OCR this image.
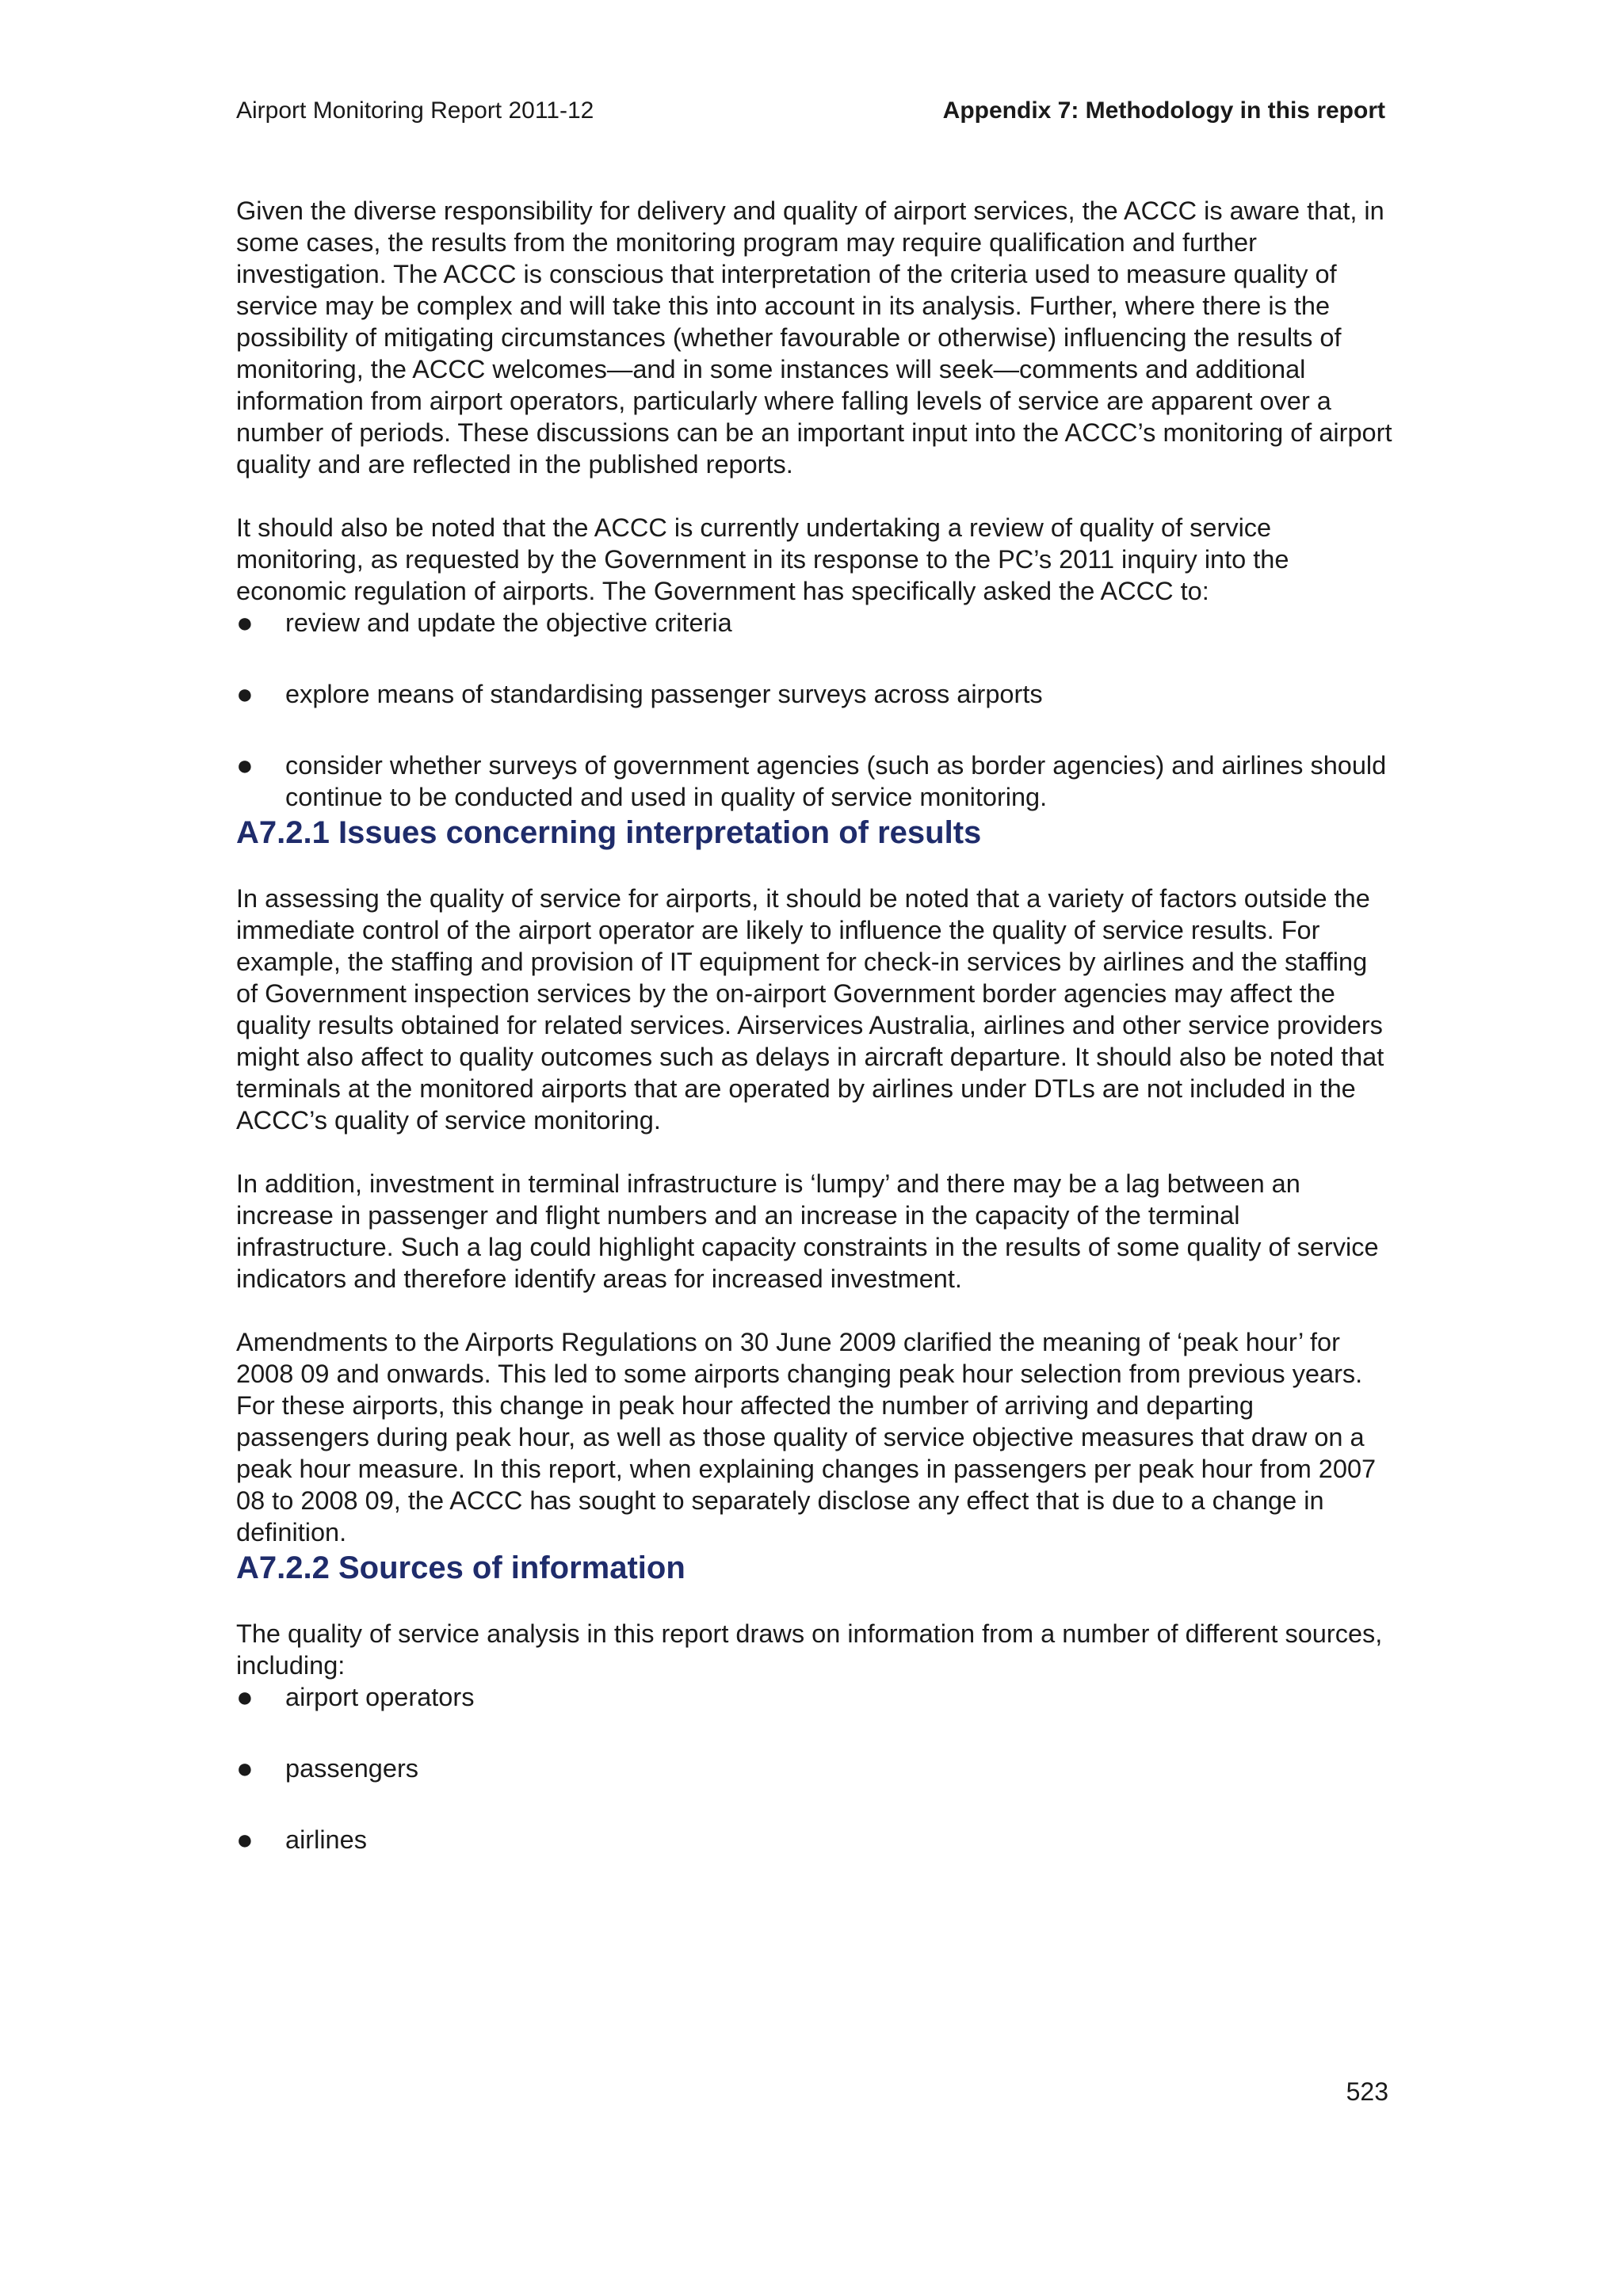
Airport Monitoring Report 2011-12	Appendix 7: Methodology in this report

Given the diverse responsibility for delivery and quality of airport services, the ACCC is aware that, in some cases, the results from the monitoring program may require qualification and further investigation. The ACCC is conscious that interpretation of the criteria used to measure quality of service may be complex and will take this into account in its analysis. Further, where there is the possibility of mitigating circumstances (whether favourable or otherwise) influencing the results of monitoring, the ACCC welcomes—and in some instances will seek—comments and additional information from airport operators, particularly where falling levels of service are apparent over a number of periods. These discussions can be an important input into the ACCC’s monitoring of airport quality and are reflected in the published reports.

It should also be noted that the ACCC is currently undertaking a review of quality of service monitoring, as requested by the Government in its response to the PC’s 2011 inquiry into the economic regulation of airports. The Government has specifically asked the ACCC to:

● review and update the objective criteria
● explore means of standardising passenger surveys across airports
● consider whether surveys of government agencies (such as border agencies) and airlines should continue to be conducted and used in quality of service monitoring.
A7.2.1 Issues concerning interpretation of results

In assessing the quality of service for airports, it should be noted that a variety of factors outside the immediate control of the airport operator are likely to influence the quality of service results. For example, the staffing and provision of IT equipment for check-in services by airlines and the staffing of Government inspection services by the on-airport Government border agencies may affect the quality results obtained for related services. Airservices Australia, airlines and other service providers might also affect to quality outcomes such as delays in aircraft departure. It should also be noted that terminals at the monitored airports that are operated by airlines under DTLs are not included in the ACCC’s quality of service monitoring.

In addition, investment in terminal infrastructure is ‘lumpy’ and there may be a lag between an increase in passenger and flight numbers and an increase in the capacity of the terminal infrastructure. Such a lag could highlight capacity constraints in the results of some quality of service indicators and therefore identify areas for increased investment.

Amendments to the Airports Regulations on 30 June 2009 clarified the meaning of ‘peak hour’ for 2008 09 and onwards. This led to some airports changing peak hour selection from previous years. For these airports, this change in peak hour affected the number of arriving and departing passengers during peak hour, as well as those quality of service objective measures that draw on a peak hour measure. In this report, when explaining changes in passengers per peak hour from 2007 08 to 2008 09, the ACCC has sought to separately disclose any effect that is due to a change in definition.

A7.2.2 Sources of information

The quality of service analysis in this report draws on information from a number of different sources, including:

● airport operators
● passengers
● airlines
523
